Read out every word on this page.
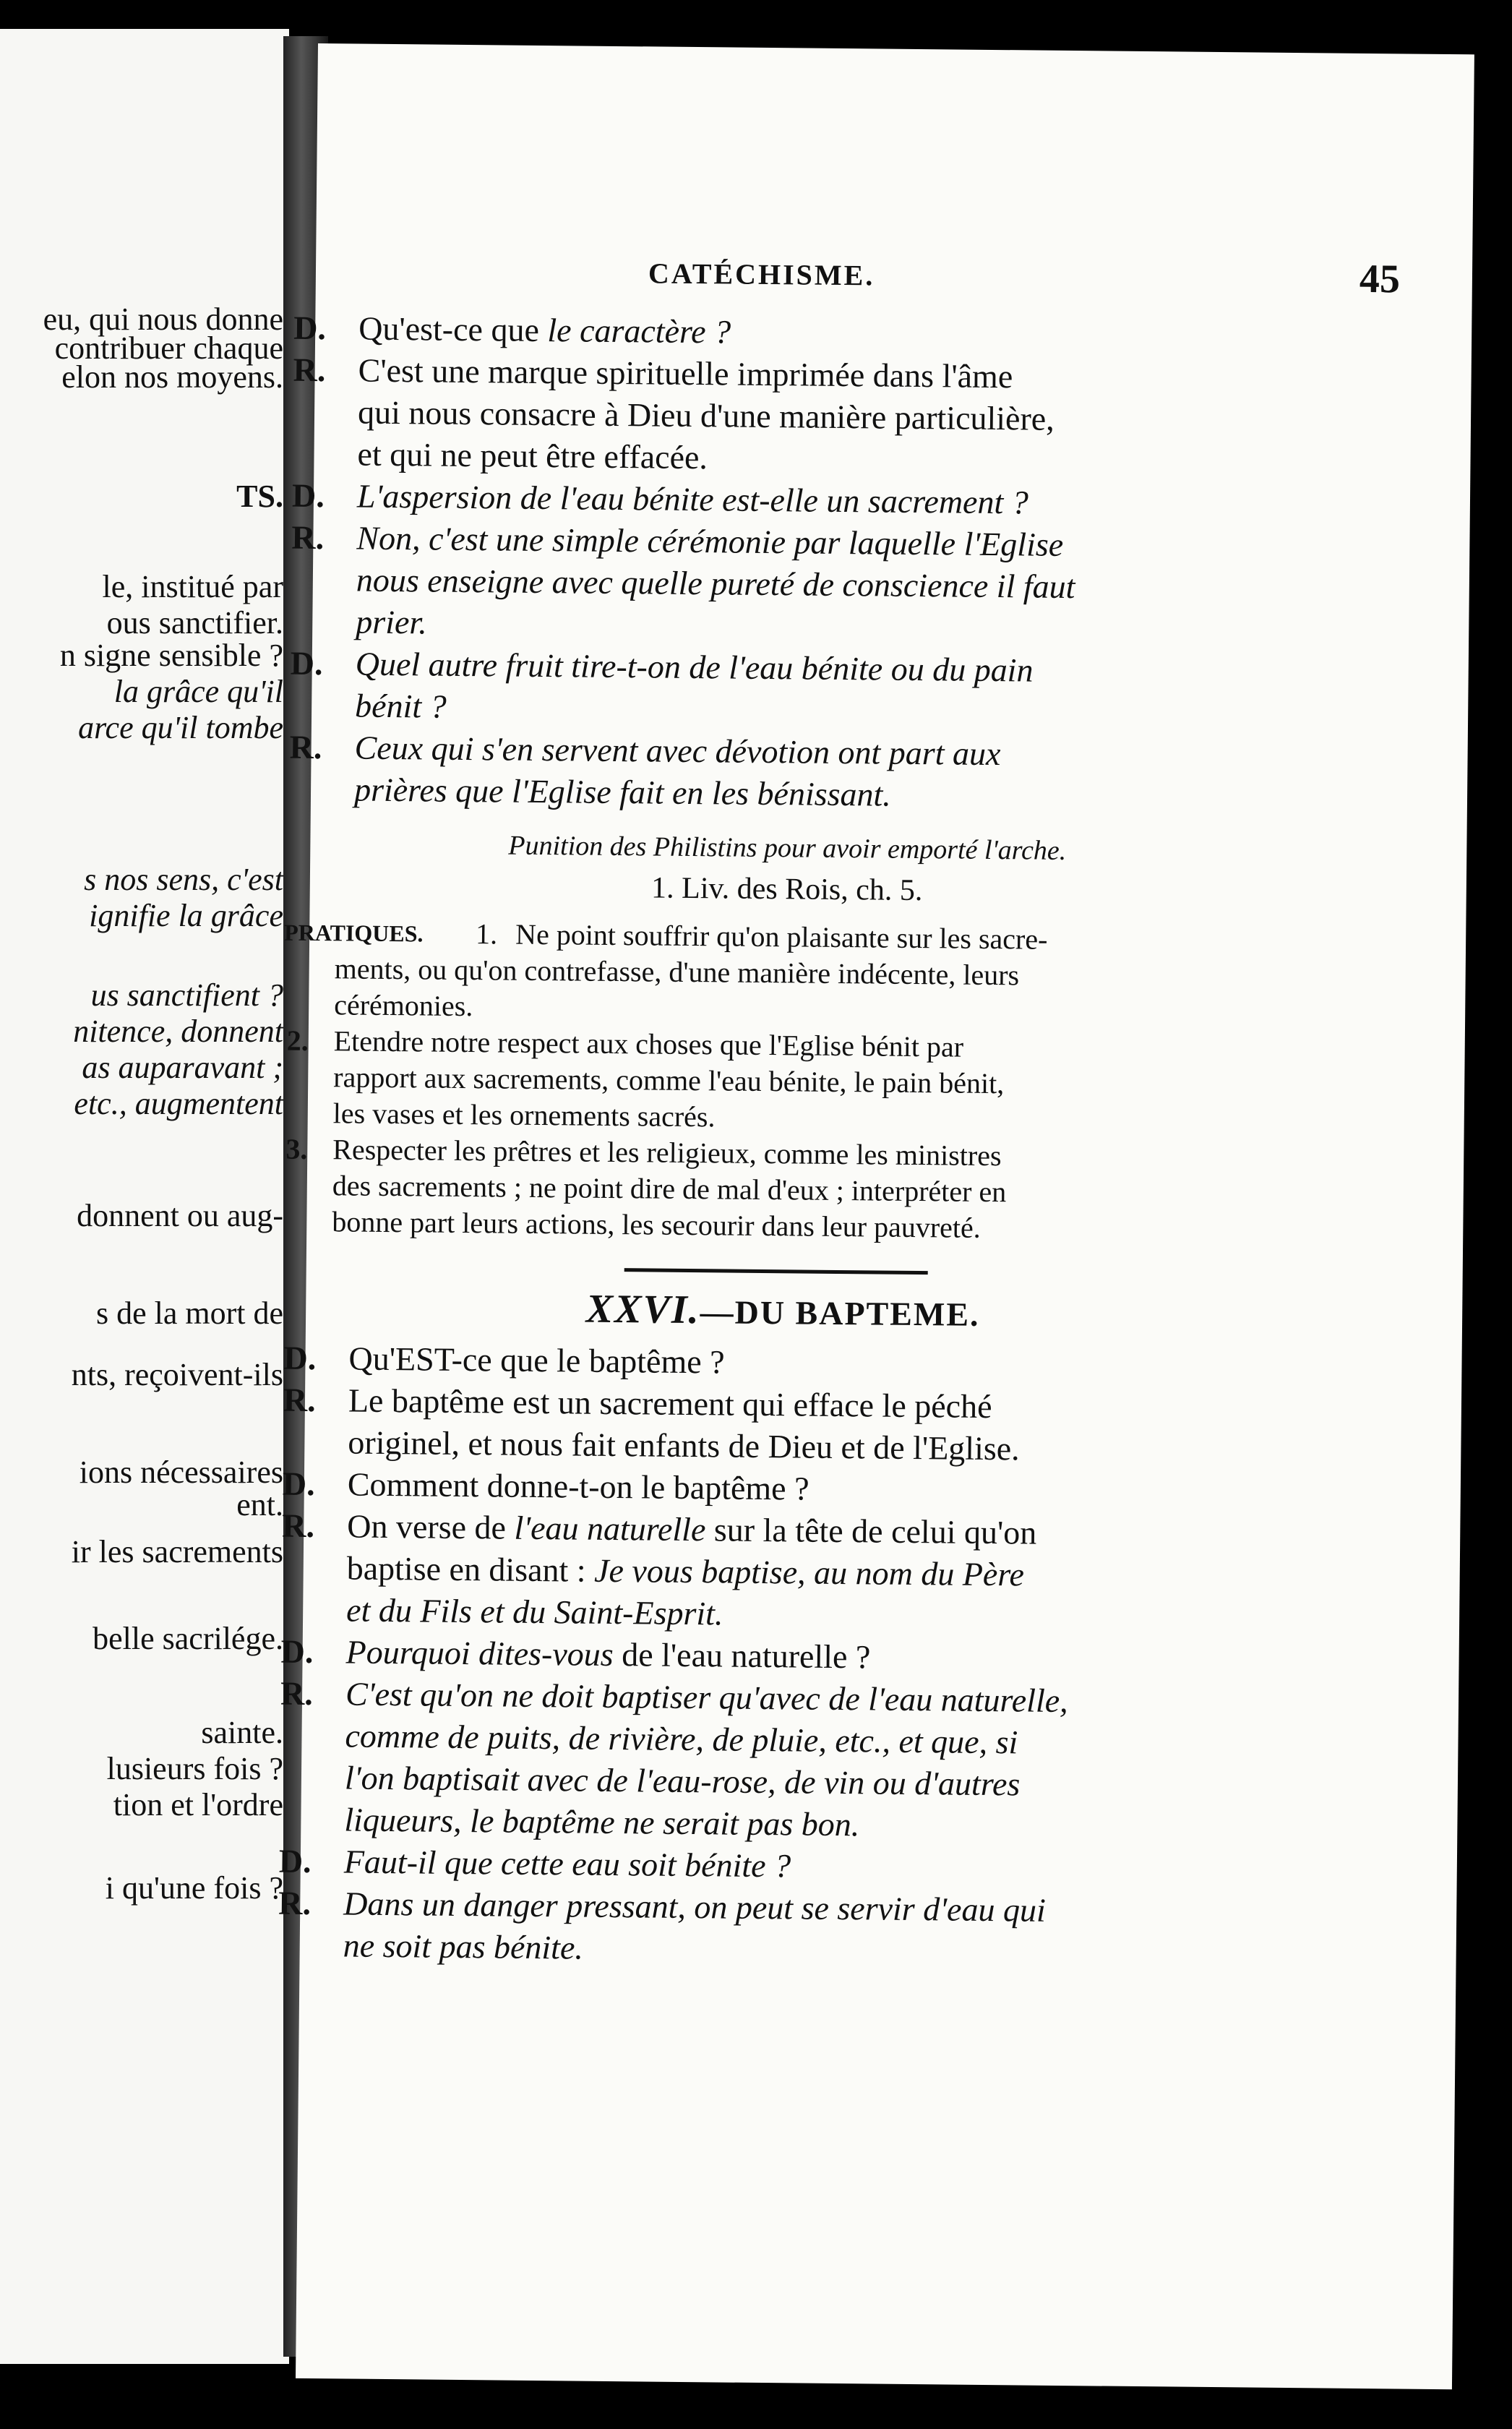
eu, qui nous donne
contribuer chaque
elon nos moyens.
TS.
le, institué par
ous sanctifier.
n signe sensible ?
la grâce qu'il
arce qu'il tombe
s nos sens, c'est
ignifie la grâce
us sanctifient ?
nitence, donnent
as auparavant ;
etc., augmentent
donnent ou aug-
s de la mort de
nts, reçoivent-ils
ions nécessaires
ent.
ir les sacrements
belle sacrilége.
sainte.
lusieurs fois ?
tion et l'ordre
i qu'une fois ?
CATÉCHISME.	45
D. Qu'est-ce que le caractère ?
R. C'est une marque spirituelle imprimée dans l'âme
qui nous consacre à Dieu d'une manière particulière,
et qui ne peut être effacée.
D. L'aspersion de l'eau bénite est-elle un sacrement ?
R. Non, c'est une simple cérémonie par laquelle l'Eglise
nous enseigne avec quelle pureté de conscience il faut
prier.
D. Quel autre fruit tire-t-on de l'eau bénite ou du pain
bénit ?
R. Ceux qui s'en servent avec dévotion ont part aux
prières que l'Eglise fait en les bénissant.
Punition des Philistins pour avoir emporté l'arche.
1. Liv. des Rois, ch. 5.
PRATIQUES. 1. Ne point souffrir qu'on plaisante sur les sacre-
ments, ou qu'on contrefasse, d'une manière indécente, leurs
cérémonies.
2. Etendre notre respect aux choses que l'Eglise bénit par
rapport aux sacrements, comme l'eau bénite, le pain bénit,
les vases et les ornements sacrés.
3. Respecter les prêtres et les religieux, comme les ministres
des sacrements ; ne point dire de mal d'eux ; interpréter en
bonne part leurs actions, les secourir dans leur pauvreté.
XXVI.—DU BAPTEME.
D. Qu'EST-ce que le baptême ?
R. Le baptême est un sacrement qui efface le péché
originel, et nous fait enfants de Dieu et de l'Eglise.
D. Comment donne-t-on le baptême ?
R. On verse de l'eau naturelle sur la tête de celui qu'on
baptise en disant : Je vous baptise, au nom du Père
et du Fils et du Saint-Esprit.
D. Pourquoi dites-vous de l'eau naturelle ?
R. C'est qu'on ne doit baptiser qu'avec de l'eau naturelle,
comme de puits, de rivière, de pluie, etc., et que, si
l'on baptisait avec de l'eau-rose, de vin ou d'autres
liqueurs, le baptême ne serait pas bon.
D. Faut-il que cette eau soit bénite ?
R. Dans un danger pressant, on peut se servir d'eau qui
ne soit pas bénite.
